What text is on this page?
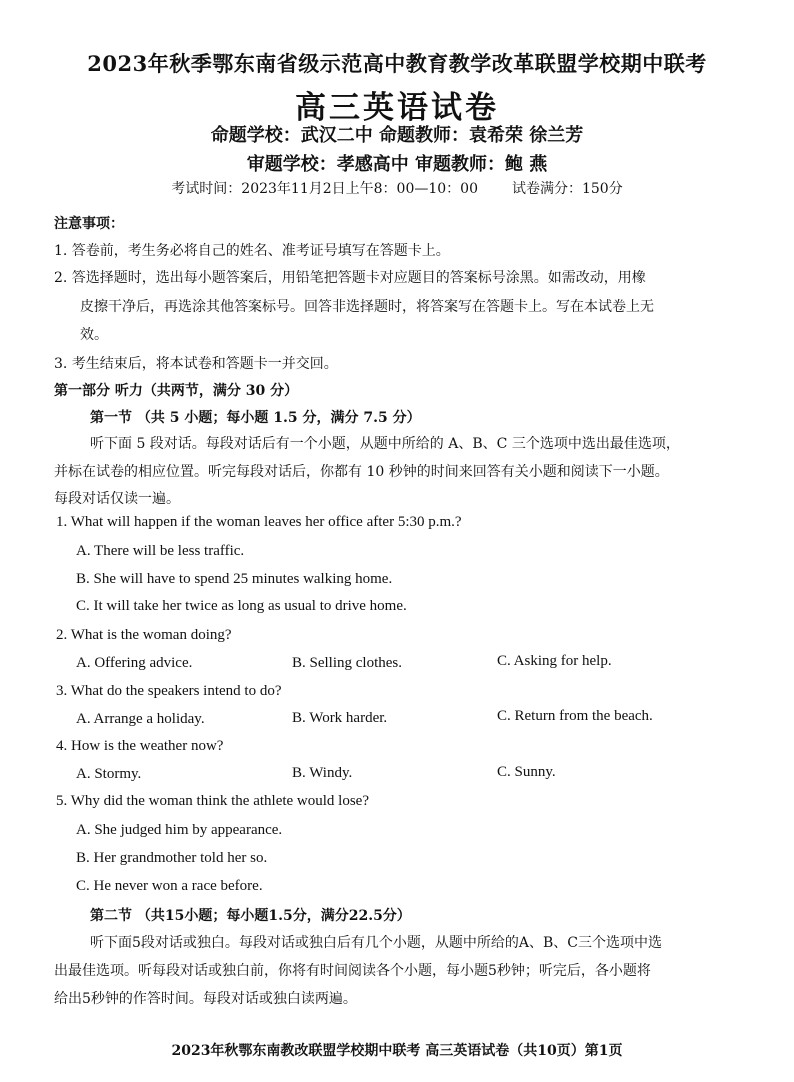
2023年秋季鄂东南省级示范高中教育教学改革联盟学校期中联考
高三英语试卷
命题学校：武汉二中 命题教师：袁希荣 徐兰芳
审题学校：孝感高中 审题教师：鲍 燕
考试时间：2023年11月2日上午8：00—10：00 试卷满分：150分
注意事项：
1. 答卷前，考生务必将自己的姓名、准考证号填写在答题卡上。
2. 答选择题时，选出每小题答案后，用铅笔把答题卡对应题目的答案标号涂黑。如需改动，用橡
皮擦干净后，再选涂其他答案标号。回答非选择题时，将答案写在答题卡上。写在本试卷上无
效。
3. 考生结束后，将本试卷和答题卡一并交回。
第一部分 听力（共两节，满分 30 分）
第一节 （共 5 小题；每小题 1.5 分，满分 7.5 分）
听下面 5 段对话。每段对话后有一个小题，从题中所给的 A、B、C 三个选项中选出最佳选项，
并标在试卷的相应位置。听完每段对话后，你都有 10 秒钟的时间来回答有关小题和阅读下一小题。
每段对话仅读一遍。
1. What will happen if the woman leaves her office after 5:30 p.m.?
A. There will be less traffic.
B. She will have to spend 25 minutes walking home.
C. It will take her twice as long as usual to drive home.
2. What is the woman doing?
A. Offering advice.	B. Selling clothes.	C. Asking for help.
3. What do the speakers intend to do?
A. Arrange a holiday.	B. Work harder.	C. Return from the beach.
4. How is the weather now?
A. Stormy.	B. Windy.	C. Sunny.
5. Why did the woman think the athlete would lose?
A. She judged him by appearance.
B. Her grandmother told her so.
C. He never won a race before.
第二节 （共15小题；每小题1.5分，满分22.5分）
听下面5段对话或独白。每段对话或独白后有几个小题，从题中所给的A、B、C三个选项中选
出最佳选项。听每段对话或独白前，你将有时间阅读各个小题，每小题5秒钟；听完后，各小题将
给出5秒钟的作答时间。每段对话或独白读两遍。
2023年秋鄂东南教改联盟学校期中联考 高三英语试卷（共10页）第1页
